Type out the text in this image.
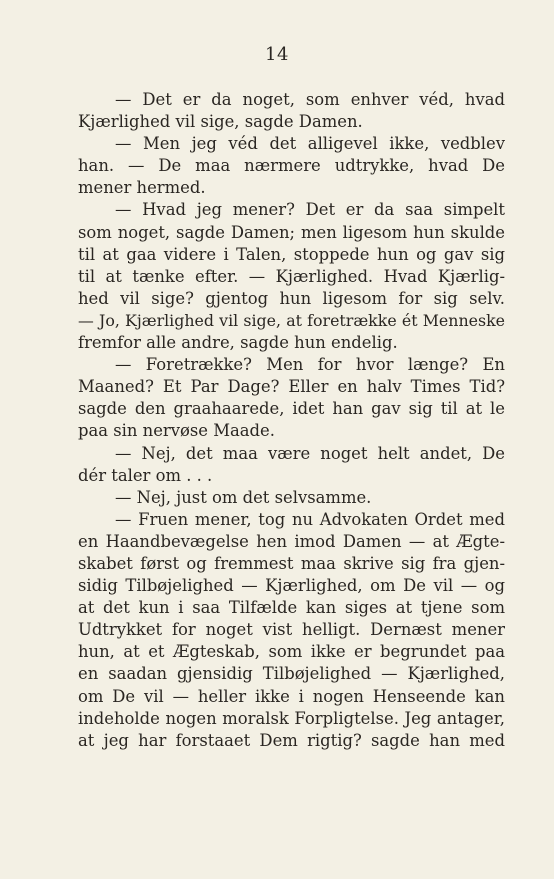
14
— Det er da noget, som enhver véd, hvad
Kjærlighed vil sige, sagde Damen.
— Men jeg véd det alligevel ikke, vedblev
han. — De maa nærmere udtrykke, hvad De
mener hermed.
— Hvad jeg mener? Det er da saa simpelt
som noget, sagde Damen; men ligesom hun skulde
til at gaa videre i Talen, stoppede hun og gav sig
til at tænke efter. — Kjærlighed. Hvad Kjærlig-
hed vil sige? gjentog hun ligesom for sig selv.
— Jo, Kjærlighed vil sige, at foretrække ét Menneske
fremfor alle andre, sagde hun endelig.
— Foretrække? Men for hvor længe? En
Maaned? Et Par Dage? Eller en halv Times Tid?
sagde den graahaarede, idet han gav sig til at le
paa sin nervøse Maade.
— Nej, det maa være noget helt andet, De
dér taler om . . .
— Nej, just om det selvsamme.
— Fruen mener, tog nu Advokaten Ordet med
en Haandbevægelse hen imod Damen — at Ægte-
skabet først og fremmest maa skrive sig fra gjen-
sidig Tilbøjelighed — Kjærlighed, om De vil — og
at det kun i saa Tilfælde kan siges at tjene som
Udtrykket for noget vist helligt. Dernæst mener
hun, at et Ægteskab, som ikke er begrundet paa
en saadan gjensidig Tilbøjelighed — Kjærlighed,
om De vil — heller ikke i nogen Henseende kan
indeholde nogen moralsk Forpligtelse. Jeg antager,
at jeg har forstaaet Dem rigtig? sagde han med
